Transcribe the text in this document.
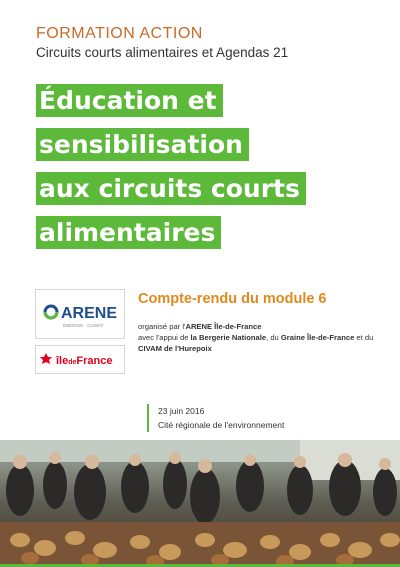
FORMATION ACTION
Circuits courts alimentaires et Agendas 21
Éducation et
sensibilisation
aux circuits courts
alimentaires
ARENE
ÉNERGIE · CLIMAT
îledeFrance
Compte-rendu du module 6
organisé par l'ARENE Île-de-France
avec l'appui de la Bergerie Nationale, du Graine Île-de-France et du
CIVAM de l'Hurepoix
23 juin 2016
Cité régionale de l'environnement
